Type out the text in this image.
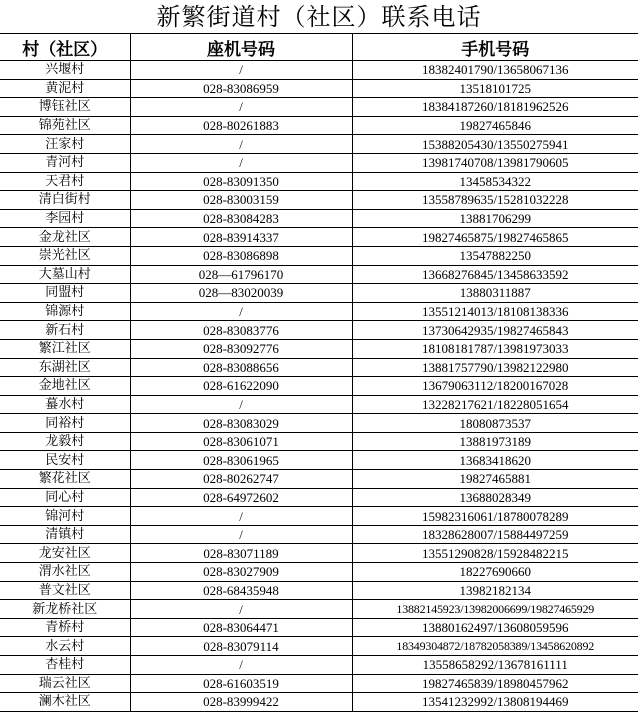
新繁街道村（社区）联系电话
村（社区）	座机号码	手机号码
兴堰村	/	18382401790/13658067136
黄泥村	028-83086959	13518101725
博钰社区	/	18384187260/18181962526
锦苑社区	028-80261883	19827465846
汪家村	/	15388205430/13550275941
青河村	/	13981740708/13981790605
天君村	028-83091350	13458534322
清白街村	028-83003159	13558789635/15281032228
李园村	028-83084283	13881706299
金龙社区	028-83914337	19827465875/19827465865
崇光社区	028-83086898	13547882250
大墓山村	028—61796170	13668276845/13458633592
同盟村	028—83020039	13880311887
锦源村	/	13551214013/18108138336
新石村	028-83083776	13730642935/19827465843
繁江社区	028-83092776	18108181787/13981973033
东湖社区	028-83088656	13881757790/13982122980
金地社区	028-61622090	13679063112/18200167028
蟇水村	/	13228217621/18228051654
同裕村	028-83083029	18080873537
龙毅村	028-83061071	13881973189
民安村	028-83061965	13683418620
繁花社区	028-80262747	19827465881
同心村	028-64972602	13688028349
锦河村	/	15982316061/18780078289
清镇村	/	18328628007/15884497259
龙安社区	028-83071189	13551290828/15928482215
渭水社区	028-83027909	18227690660
普文社区	028-68435948	13982182134
新龙桥社区	/	13882145923/13982006699/19827465929
青桥村	028-83064471	13880162497/13608059596
水云村	028-83079114	18349304872/18782058389/13458620892
杏桂村	/	13558658292/13678161111
瑞云社区	028-61603519	19827465839/18980457962
澜木社区	028-83999422	13541232992/13808194469
